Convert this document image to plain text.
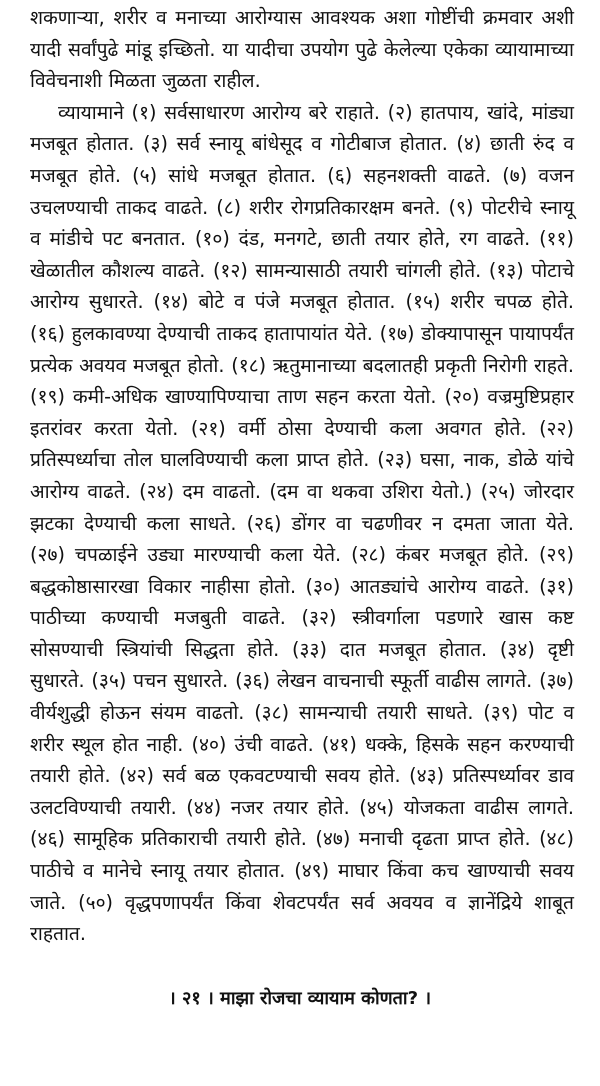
शकणाऱ्या, शरीर व मनाच्या आरोग्यास आवश्यक अशा गोष्टींची क्रमवार अशी यादी सर्वांपुढे मांडू इच्छितो. या यादीचा उपयोग पुढे केलेल्या एकेका व्यायामाच्या विवेचनाशी मिळता जुळता राहील.

व्यायामाने (१) सर्वसाधारण आरोग्य बरे राहाते. (२) हातपाय, खांदे, मांड्या मजबूत होतात. (३) सर्व स्नायू बांधेसूद व गोटीबाज होतात. (४) छाती रुंद व मजबूत होते. (५) सांधे मजबूत होतात. (६) सहनशक्ती वाढते. (७) वजन उचलण्याची ताकद वाढते. (८) शरीर रोगप्रतिकारक्षम बनते. (९) पोटरीचे स्नायू व मांडीचे पट बनतात. (१०) दंड, मनगटे, छाती तयार होते, रग वाढते. (११) खेळातील कौशल्य वाढते. (१२) सामन्यासाठी तयारी चांगली होते. (१३) पोटाचे आरोग्य सुधारते. (१४) बोटे व पंजे मजबूत होतात. (१५) शरीर चपळ होते. (१६) हुलकावण्या देण्याची ताकद हातापायांत येते. (१७) डोक्यापासून पायापर्यंत प्रत्येक अवयव मजबूत होतो. (१८) ऋतुमानाच्या बदलातही प्रकृती निरोगी राहते. (१९) कमी-अधिक खाण्यापिण्याचा ताण सहन करता येतो. (२०) वज्रमुष्टिप्रहार इतरांवर करता येतो. (२१) वर्मी ठोसा देण्याची कला अवगत होते. (२२) प्रतिस्पर्ध्याचा तोल घालविण्याची कला प्राप्त होते. (२३) घसा, नाक, डोळे यांचे आरोग्य वाढते. (२४) दम वाढतो. (दम वा थकवा उशिरा येतो.) (२५) जोरदार झटका देण्याची कला साधते. (२६) डोंगर वा चढणीवर न दमता जाता येते. (२७) चपळाईने उड्या मारण्याची कला येते. (२८) कंबर मजबूत होते. (२९) बद्धकोष्ठासारखा विकार नाहीसा होतो. (३०) आतड्यांचे आरोग्य वाढते. (३१) पाठीच्या कण्याची मजबुती वाढते. (३२) स्त्रीवर्गाला पडणारे खास कष्ट सोसण्याची स्त्रियांची सिद्धता होते. (३३) दात मजबूत होतात. (३४) दृष्टी सुधारते. (३५) पचन सुधारते. (३६) लेखन वाचनाची स्फूर्ती वाढीस लागते. (३७) वीर्यशुद्धी होऊन संयम वाढतो. (३८) सामन्याची तयारी साधते. (३९) पोट व शरीर स्थूल होत नाही. (४०) उंची वाढते. (४१) धक्के, हिसके सहन करण्याची तयारी होते. (४२) सर्व बळ एकवटण्याची सवय होते. (४३) प्रतिस्पर्ध्यावर डाव उलटविण्याची तयारी. (४४) नजर तयार होते. (४५) योजकता वाढीस लागते. (४६) सामूहिक प्रतिकाराची तयारी होते. (४७) मनाची दृढता प्राप्त होते. (४८) पाठीचे व मानेचे स्नायू तयार होतात. (४९) माघार किंवा कच खाण्याची सवय जाते. (५०) वृद्धपणापर्यंत किंवा शेवटपर्यंत सर्व अवयव व ज्ञानेंद्रिये शाबूत राहतात.

। २१ । माझा रोजचा व्यायाम कोणता? ।
